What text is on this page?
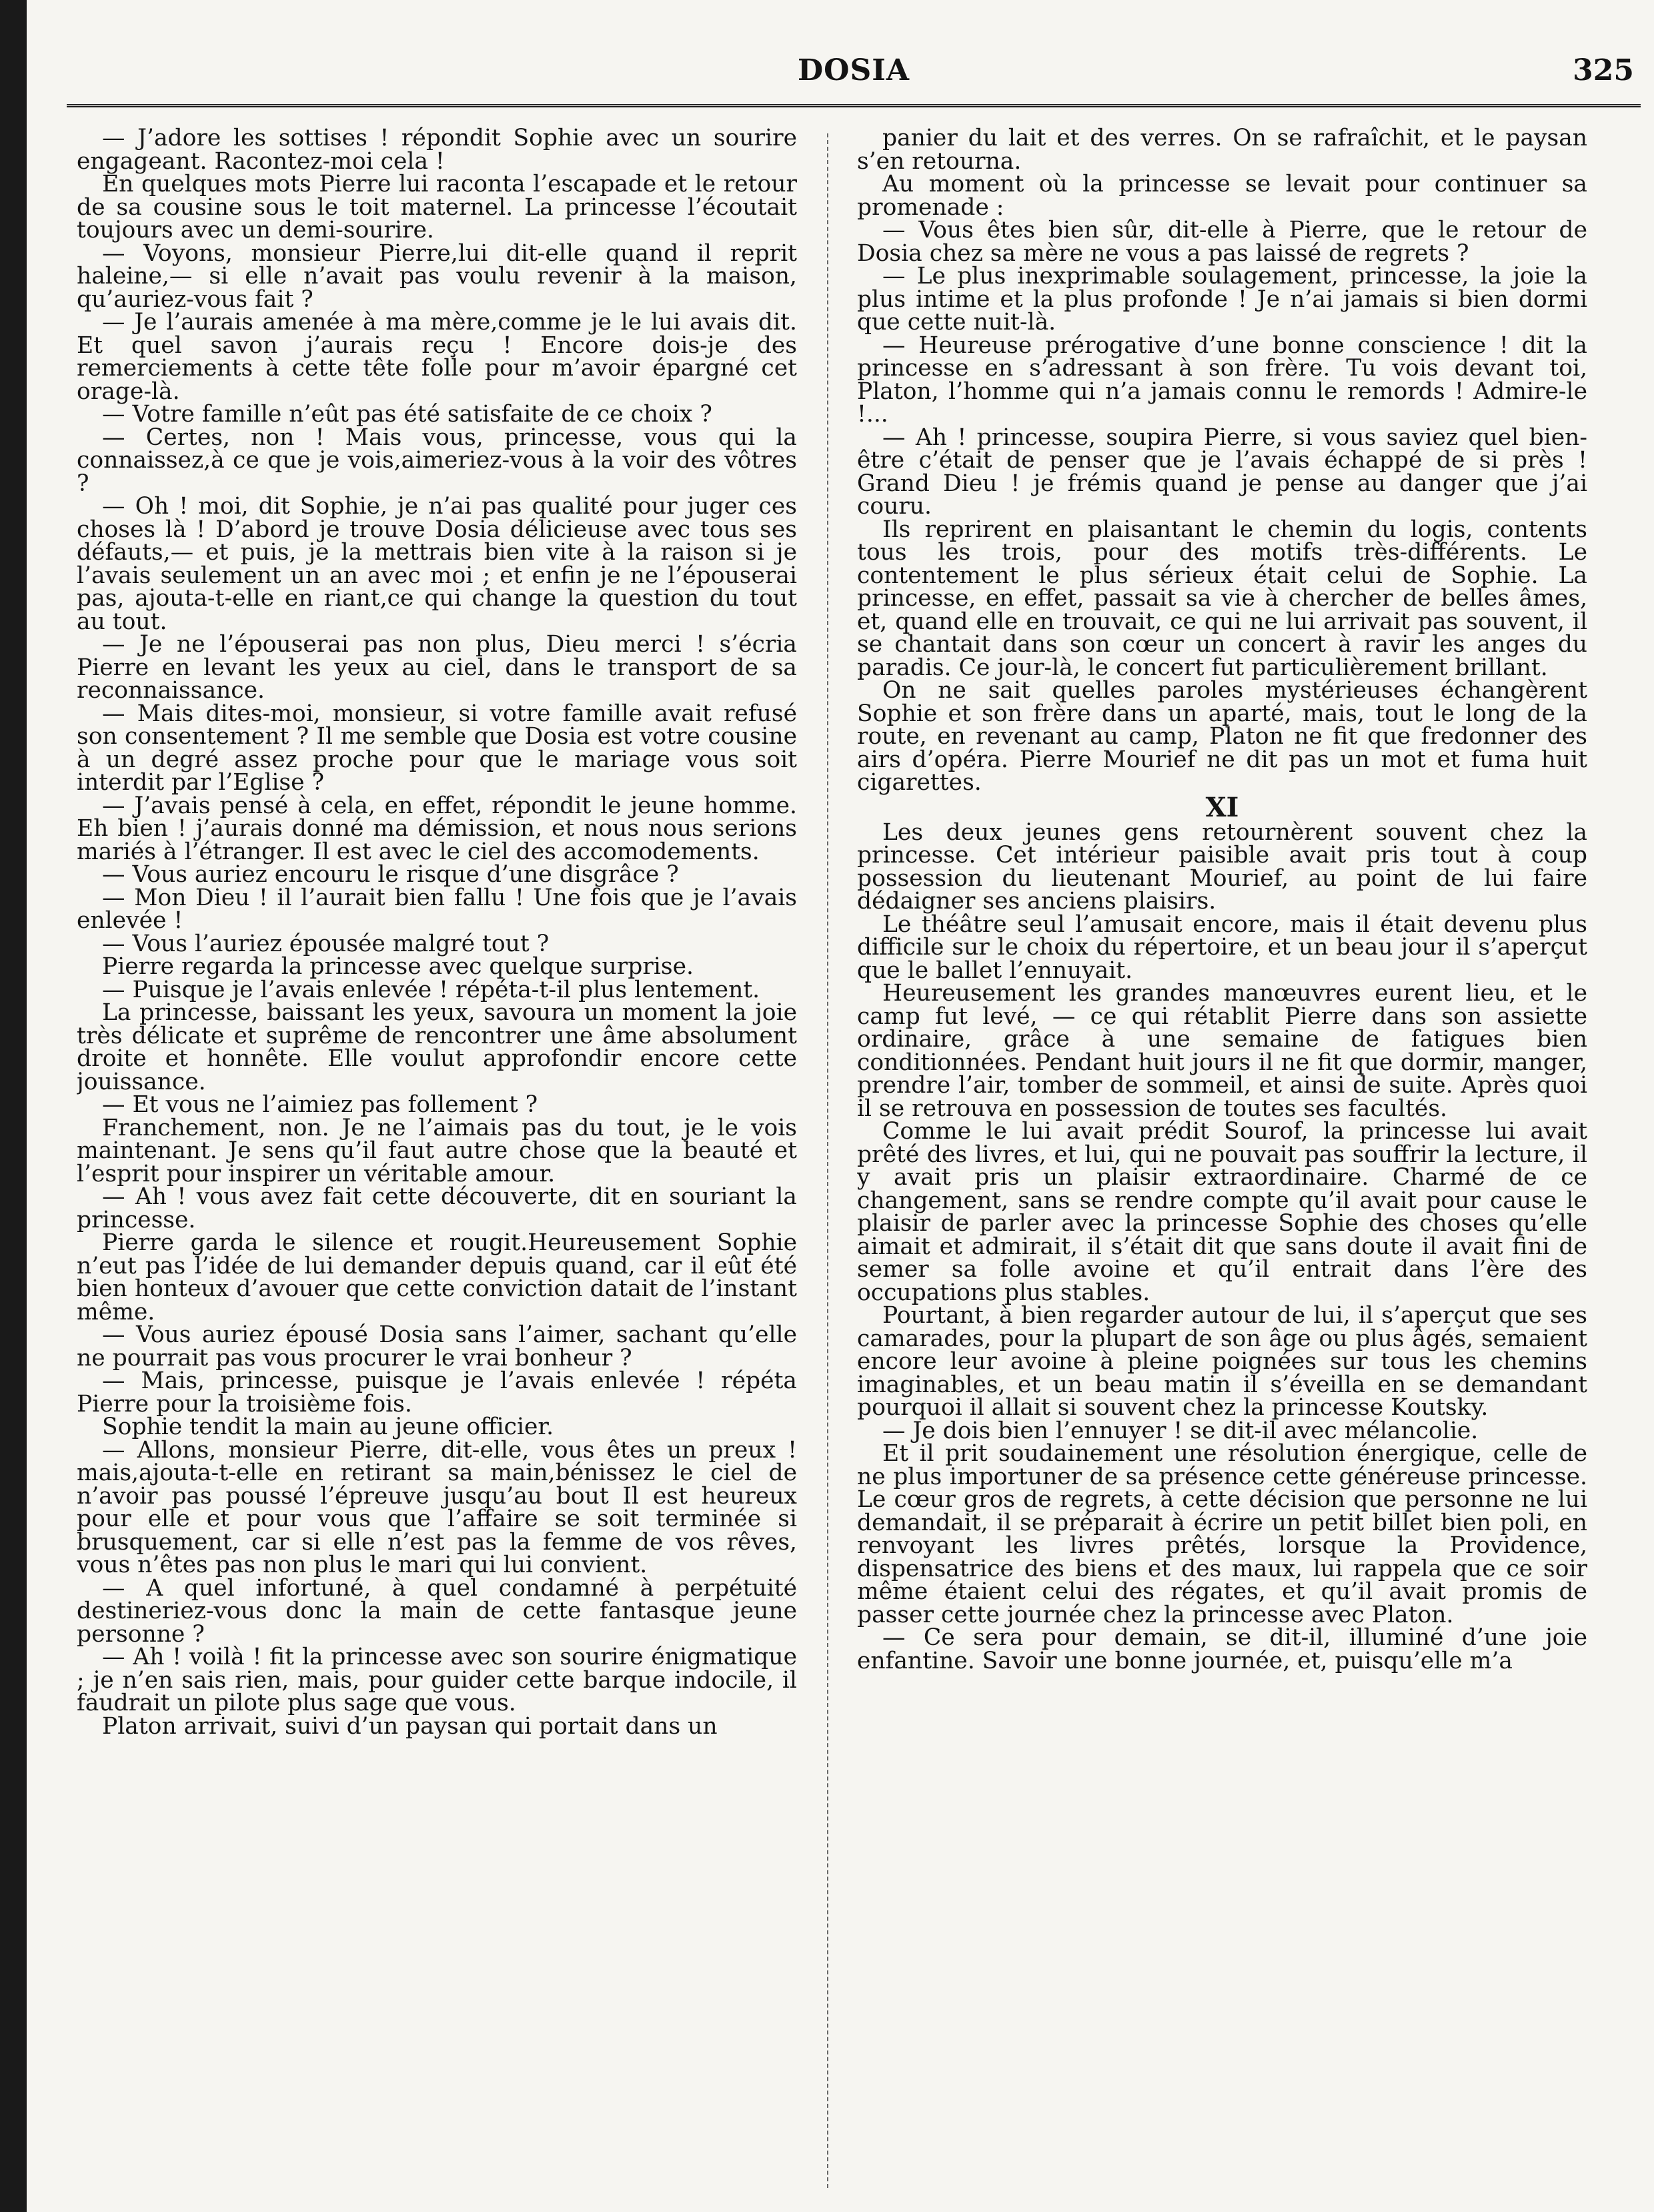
DOSIA	325

— J’adore les sottises ! répondit Sophie avec un sourire engageant. Racontez-moi cela !

En quelques mots Pierre lui raconta l’escapade et le retour de sa cousine sous le toit maternel. La princesse l’écoutait toujours avec un demi-sourire.

— Voyons, monsieur Pierre,lui dit-elle quand il reprit haleine,— si elle n’avait pas voulu revenir à la maison, qu’auriez-vous fait ?

— Je l’aurais amenée à ma mère,comme je le lui avais dit. Et quel savon j’aurais reçu ! Encore dois-je des remerciements à cette tête folle pour m’avoir épargné cet orage-là.

— Votre famille n’eût pas été satisfaite de ce choix ?

— Certes, non ! Mais vous, princesse, vous qui la connaissez,à ce que je vois,aimeriez-vous à la voir des vôtres ?

— Oh ! moi, dit Sophie, je n’ai pas qualité pour juger ces choses là ! D’abord je trouve Dosia délicieuse avec tous ses défauts,— et puis, je la mettrais bien vite à la raison si je l’avais seulement un an avec moi ; et enfin je ne l’épouserai pas, ajouta-t-elle en riant,ce qui change la question du tout au tout.

— Je ne l’épouserai pas non plus, Dieu merci ! s’écria Pierre en levant les yeux au ciel, dans le transport de sa reconnaissance.

— Mais dites-moi, monsieur, si votre famille avait refusé son consentement ? Il me semble que Dosia est votre cousine à un degré assez proche pour que le mariage vous soit interdit par l’Eglise ?

— J’avais pensé à cela, en effet, répondit le jeune homme. Eh bien ! j’aurais donné ma démission, et nous nous serions mariés à l’étranger. Il est avec le ciel des accomodements.

— Vous auriez encouru le risque d’une disgrâce ?

— Mon Dieu ! il l’aurait bien fallu ! Une fois que je l’avais enlevée !

— Vous l’auriez épousée malgré tout ?

Pierre regarda la princesse avec quelque surprise.

— Puisque je l’avais enlevée ! répéta-t-il plus lentement.

La princesse, baissant les yeux, savoura un moment la joie très délicate et suprême de rencontrer une âme absolument droite et honnête. Elle voulut approfondir encore cette jouissance.

— Et vous ne l’aimiez pas follement ?

Franchement, non. Je ne l’aimais pas du tout, je le vois maintenant. Je sens qu’il faut autre chose que la beauté et l’esprit pour inspirer un véritable amour.

— Ah ! vous avez fait cette découverte, dit en souriant la princesse.

Pierre garda le silence et rougit.Heureusement Sophie n’eut pas l’idée de lui demander depuis quand, car il eût été bien honteux d’avouer que cette conviction datait de l’instant même.

— Vous auriez épousé Dosia sans l’aimer, sachant qu’elle ne pourrait pas vous procurer le vrai bonheur ?

— Mais, princesse, puisque je l’avais enlevée ! répéta Pierre pour la troisième fois.

Sophie tendit la main au jeune officier.

— Allons, monsieur Pierre, dit-elle, vous êtes un preux ! mais,ajouta-t-elle en retirant sa main,bénissez le ciel de n’avoir pas poussé l’épreuve jusqu’au bout Il est heureux pour elle et pour vous que l’affaire se soit terminée si brusquement, car si elle n’est pas la femme de vos rêves, vous n’êtes pas non plus le mari qui lui convient.

— A quel infortuné, à quel condamné à perpétuité destineriez-vous donc la main de cette fantasque jeune personne ?

— Ah ! voilà ! fit la princesse avec son sourire énigmatique ; je n’en sais rien, mais, pour guider cette barque indocile, il faudrait un pilote plus sage que vous.

Platon arrivait, suivi d’un paysan qui portait dans un

panier du lait et des verres. On se rafraîchit, et le paysan s’en retourna.

Au moment où la princesse se levait pour continuer sa promenade :

— Vous êtes bien sûr, dit-elle à Pierre, que le retour de Dosia chez sa mère ne vous a pas laissé de regrets ?

— Le plus inexprimable soulagement, princesse, la joie la plus intime et la plus profonde ! Je n’ai jamais si bien dormi que cette nuit-là.

— Heureuse prérogative d’une bonne conscience ! dit la princesse en s’adressant à son frère. Tu vois devant toi, Platon, l’homme qui n’a jamais connu le remords ! Admire-le !...

— Ah ! princesse, soupira Pierre, si vous saviez quel bien-être c’était de penser que je l’avais échappé de si près ! Grand Dieu ! je frémis quand je pense au danger que j’ai couru.

Ils reprirent en plaisantant le chemin du logis, contents tous les trois, pour des motifs très-différents. Le contentement le plus sérieux était celui de Sophie. La princesse, en effet, passait sa vie à chercher de belles âmes, et, quand elle en trouvait, ce qui ne lui arrivait pas souvent, il se chantait dans son cœur un concert à ravir les anges du paradis. Ce jour-là, le concert fut particulièrement brillant.

On ne sait quelles paroles mystérieuses échangèrent Sophie et son frère dans un aparté, mais, tout le long de la route, en revenant au camp, Platon ne fit que fredonner des airs d’opéra. Pierre Mourief ne dit pas un mot et fuma huit cigarettes.

XI

Les deux jeunes gens retournèrent souvent chez la princesse. Cet intérieur paisible avait pris tout à coup possession du lieutenant Mourief, au point de lui faire dédaigner ses anciens plaisirs.

Le théâtre seul l’amusait encore, mais il était devenu plus difficile sur le choix du répertoire, et un beau jour il s’aperçut que le ballet l’ennuyait.

Heureusement les grandes manœuvres eurent lieu, et le camp fut levé, — ce qui rétablit Pierre dans son assiette ordinaire, grâce à une semaine de fatigues bien conditionnées. Pendant huit jours il ne fit que dormir, manger, prendre l’air, tomber de sommeil, et ainsi de suite. Après quoi il se retrouva en possession de toutes ses facultés.

Comme le lui avait prédit Sourof, la princesse lui avait prêté des livres, et lui, qui ne pouvait pas souffrir la lecture, il y avait pris un plaisir extraordinaire. Charmé de ce changement, sans se rendre compte qu’il avait pour cause le plaisir de parler avec la princesse Sophie des choses qu’elle aimait et admirait, il s’était dit que sans doute il avait fini de semer sa folle avoine et qu’il entrait dans l’ère des occupations plus stables.

Pourtant, à bien regarder autour de lui, il s’aperçut que ses camarades, pour la plupart de son âge ou plus âgés, semaient encore leur avoine à pleine poignées sur tous les chemins imaginables, et un beau matin il s’éveilla en se demandant pourquoi il allait si souvent chez la princesse Koutsky.

— Je dois bien l’ennuyer ! se dit-il avec mélancolie.

Et il prit soudainement une résolution énergique, celle de ne plus importuner de sa présence cette généreuse princesse. Le cœur gros de regrets, à cette décision que personne ne lui demandait, il se préparait à écrire un petit billet bien poli, en renvoyant les livres prêtés, lorsque la Providence, dispensatrice des biens et des maux, lui rappela que ce soir même étaient celui des régates, et qu’il avait promis de passer cette journée chez la princesse avec Platon.

— Ce sera pour demain, se dit-il, illuminé d’une joie enfantine. Savoir une bonne journée, et, puisqu’elle m’a
